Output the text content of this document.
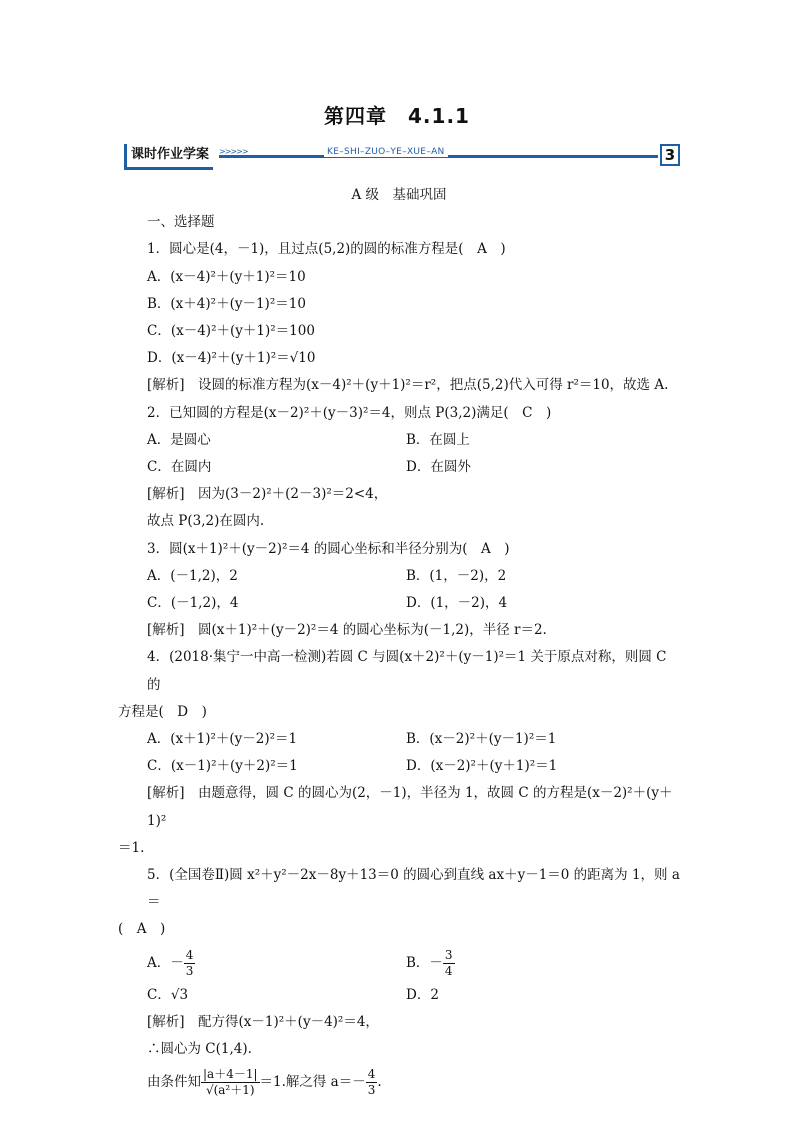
第四章　4.1.1
课时作业学案	>>>>>	KE–SHI–ZUO–YE–XUE–AN	3
A 级　基础巩固
一、选择题
1．圆心是(4，－1)，且过点(5,2)的圆的标准方程是(　A　)
A．(x－4)²＋(y＋1)²＝10
B．(x＋4)²＋(y－1)²＝10
C．(x－4)²＋(y＋1)²＝100
D．(x－4)²＋(y＋1)²＝√10
[解析]　设圆的标准方程为(x－4)²＋(y＋1)²＝r²，把点(5,2)代入可得 r²＝10，故选 A.
2．已知圆的方程是(x－2)²＋(y－3)²＝4，则点 P(3,2)满足(　C　)
A．是圆心	B．在圆上
C．在圆内	D．在圆外
[解析]　因为(3－2)²＋(2－3)²＝2<4，
故点 P(3,2)在圆内.
3．圆(x＋1)²＋(y－2)²＝4 的圆心坐标和半径分别为(　A　)
A．(－1,2)，2	B．(1，－2)，2
C．(－1,2)，4	D．(1，－2)，4
[解析]　圆(x＋1)²＋(y－2)²＝4 的圆心坐标为(－1,2)，半径 r＝2.
4．(2018·集宁一中高一检测)若圆 C 与圆(x＋2)²＋(y－1)²＝1 关于原点对称，则圆 C 的
方程是(　D　)
A．(x＋1)²＋(y－2)²＝1	B．(x－2)²＋(y－1)²＝1
C．(x－1)²＋(y＋2)²＝1	D．(x－2)²＋(y＋1)²＝1
[解析]　由题意得，圆 C 的圆心为(2，－1)，半径为 1，故圆 C 的方程是(x－2)²＋(y＋1)²
＝1.
5．(全国卷Ⅱ)圆 x²＋y²－2x－8y＋13＝0 的圆心到直线 ax＋y－1＝0 的距离为 1，则 a＝
(　A　)
A．－ $\frac{4}{3}$	B．－ $\frac{3}{4}$
C．√3	D．2
[解析]　配方得(x－1)²＋(y－4)²＝4，
∴圆心为 C(1,4).
由条件知 $\frac{|a+4-1|}{\text{√(a²＋1)}} =1$.解之得 $a=- \frac{4}{3}$ .
